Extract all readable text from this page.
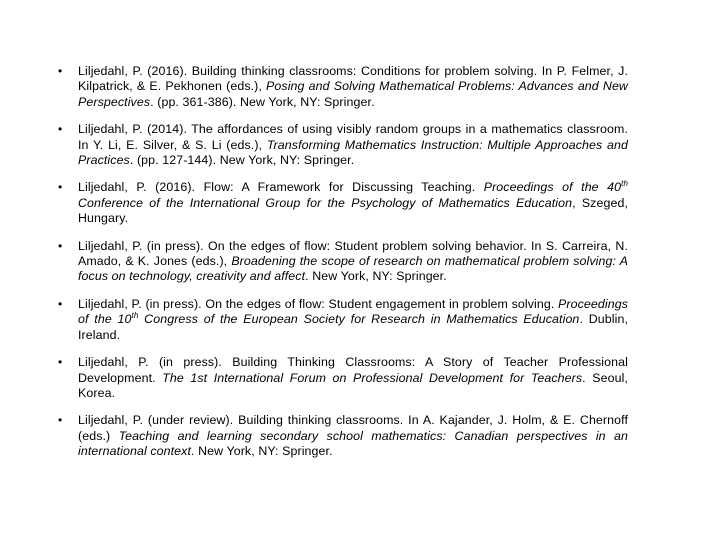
•	Liljedahl, P. (2016). Building thinking classrooms: Conditions for problem solving. In P. Felmer, J. Kilpatrick, & E. Pekhonen (eds.), Posing and Solving Mathematical Problems: Advances and New Perspectives. (pp. 361-386). New York, NY: Springer.
•	Liljedahl, P. (2014). The affordances of using visibly random groups in a mathematics classroom. In Y. Li, E. Silver, & S. Li (eds.), Transforming Mathematics Instruction: Multiple Approaches and Practices. (pp. 127-144). New York, NY: Springer.
•	Liljedahl, P. (2016). Flow: A Framework for Discussing Teaching. Proceedings of the 40th Conference of the International Group for the Psychology of Mathematics Education, Szeged, Hungary.
•	Liljedahl, P. (in press). On the edges of flow: Student problem solving behavior. In S. Carreira, N. Amado, & K. Jones (eds.), Broadening the scope of research on mathematical problem solving: A focus on technology, creativity and affect. New York, NY: Springer.
•	Liljedahl, P. (in press). On the edges of flow: Student engagement in problem solving. Proceedings of the 10th Congress of the European Society for Research in Mathematics Education. Dublin, Ireland.
•	Liljedahl, P. (in press). Building Thinking Classrooms: A Story of Teacher Professional Development. The 1st International Forum on Professional Development for Teachers. Seoul, Korea.
•	Liljedahl, P. (under review). Building thinking classrooms. In A. Kajander, J. Holm, & E. Chernoff (eds.) Teaching and learning secondary school mathematics: Canadian perspectives in an international context. New York, NY: Springer.
